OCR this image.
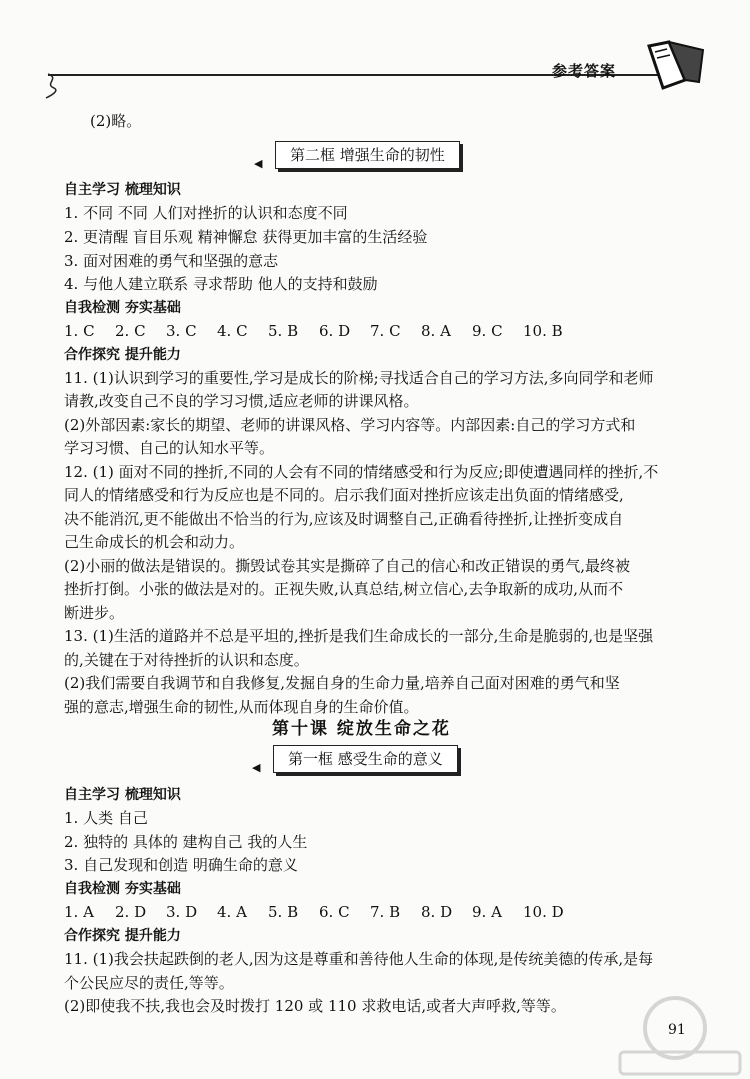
参考答案
(2)略。
◀ 第二框 增强生命的韧性
自主学习 梳理知识
1. 不同 不同 人们对挫折的认识和态度不同
2. 更清醒 盲目乐观 精神懈怠 获得更加丰富的生活经验
3. 面对困难的勇气和坚强的意志
4. 与他人建立联系 寻求帮助 他人的支持和鼓励
自我检测 夯实基础
1. C 2. C 3. C 4. C 5. B 6. D 7. C 8. A 9. C 10. B
合作探究 提升能力
11. (1)认识到学习的重要性,学习是成长的阶梯;寻找适合自己的学习方法,多向同学和老师
请教,改变自己不良的学习习惯,适应老师的讲课风格。
(2)外部因素:家长的期望、老师的讲课风格、学习内容等。内部因素:自己的学习方式和
学习习惯、自己的认知水平等。
12. (1) 面对不同的挫折,不同的人会有不同的情绪感受和行为反应;即使遭遇同样的挫折,不
同人的情绪感受和行为反应也是不同的。启示我们面对挫折应该走出负面的情绪感受,
决不能消沉,更不能做出不恰当的行为,应该及时调整自己,正确看待挫折,让挫折变成自
己生命成长的机会和动力。
(2)小丽的做法是错误的。撕毁试卷其实是撕碎了自己的信心和改正错误的勇气,最终被
挫折打倒。小张的做法是对的。正视失败,认真总结,树立信心,去争取新的成功,从而不
断进步。
13. (1)生活的道路并不总是平坦的,挫折是我们生命成长的一部分,生命是脆弱的,也是坚强
的,关键在于对待挫折的认识和态度。
(2)我们需要自我调节和自我修复,发掘自身的生命力量,培养自己面对困难的勇气和坚
强的意志,增强生命的韧性,从而体现自身的生命价值。
第十课 绽放生命之花
◀ 第一框 感受生命的意义
自主学习 梳理知识
1. 人类 自己
2. 独特的 具体的 建构自己 我的人生
3. 自己发现和创造 明确生命的意义
自我检测 夯实基础
1. A 2. D 3. D 4. A 5. B 6. C 7. B 8. D 9. A 10. D
合作探究 提升能力
11. (1)我会扶起跌倒的老人,因为这是尊重和善待他人生命的体现,是传统美德的传承,是每
个公民应尽的责任,等等。
(2)即使我不扶,我也会及时拨打 120 或 110 求救电话,或者大声呼救,等等。
91
